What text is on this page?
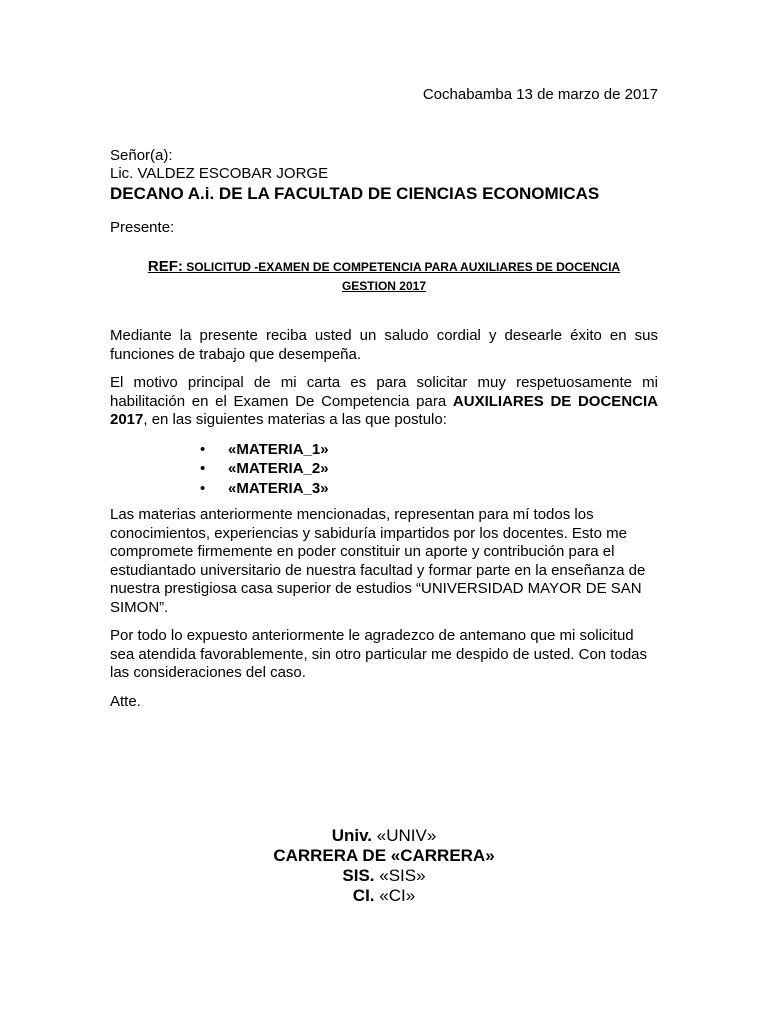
Cochabamba 13 de marzo de 2017
Señor(a):
Lic. VALDEZ ESCOBAR JORGE
DECANO A.i. DE LA FACULTAD DE CIENCIAS ECONOMICAS
Presente:
REF: SOLICITUD -EXAMEN DE COMPETENCIA PARA AUXILIARES DE DOCENCIA
GESTION 2017

Mediante la presente reciba usted un saludo cordial y desearle éxito en sus funciones de trabajo que desempeña.

El motivo principal de mi carta es para solicitar muy respetuosamente mi habilitación en el Examen De Competencia para AUXILIARES DE DOCENCIA 2017, en las siguientes materias a las que postulo:

• «MATERIA_1»
• «MATERIA_2»
• «MATERIA_3»

Las materias anteriormente mencionadas, representan para mí todos los conocimientos, experiencias y sabiduría impartidos por los docentes. Esto me compromete firmemente en poder constituir un aporte y contribución para el estudiantado universitario de nuestra facultad y formar parte en la enseñanza de nuestra prestigiosa casa superior de estudios “UNIVERSIDAD MAYOR DE SAN SIMON”.

Por todo lo expuesto anteriormente le agradezco de antemano que mi solicitud sea atendida favorablemente, sin otro particular me despido de usted. Con todas las consideraciones del caso.

Atte.

Univ. «UNIV»
CARRERA DE «CARRERA»
SIS. «SIS»
CI. «CI»
